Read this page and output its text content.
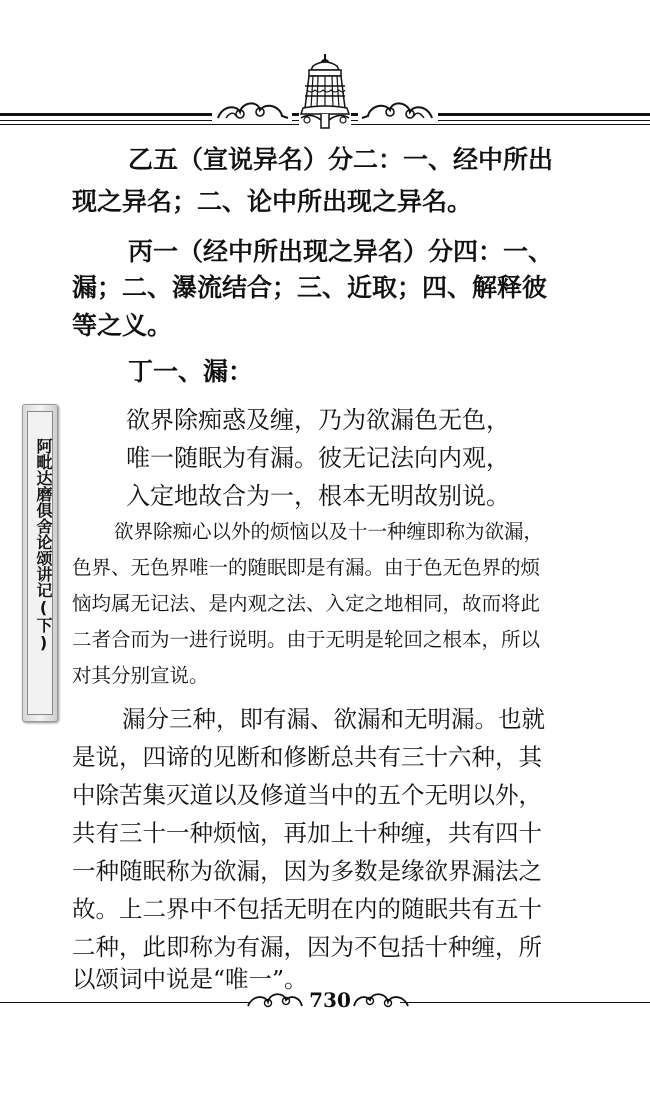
阿毗达磨俱舍论颂讲记(下)
乙五（宣说异名）分二：一、经中所出
现之异名；二、论中所出现之异名。
丙一（经中所出现之异名）分四：一、
漏；二、瀑流结合；三、近取；四、解释彼
等之义。
丁一、漏：
欲界除痴惑及缠，乃为欲漏色无色，
唯一随眠为有漏。彼无记法向内观，
入定地故合为一，根本无明故别说。
欲界除痴心以外的烦恼以及十一种缠即称为欲漏，
色界、无色界唯一的随眠即是有漏。由于色无色界的烦
恼均属无记法、是内观之法、入定之地相同，故而将此
二者合而为一进行说明。由于无明是轮回之根本，所以
对其分别宣说。
漏分三种，即有漏、欲漏和无明漏。也就
是说，四谛的见断和修断总共有三十六种，其
中除苦集灭道以及修道当中的五个无明以外，
共有三十一种烦恼，再加上十种缠，共有四十
一种随眠称为欲漏，因为多数是缘欲界漏法之
故。上二界中不包括无明在内的随眠共有五十
二种，此即称为有漏，因为不包括十种缠，所
以颂词中说是“唯一”。
730
